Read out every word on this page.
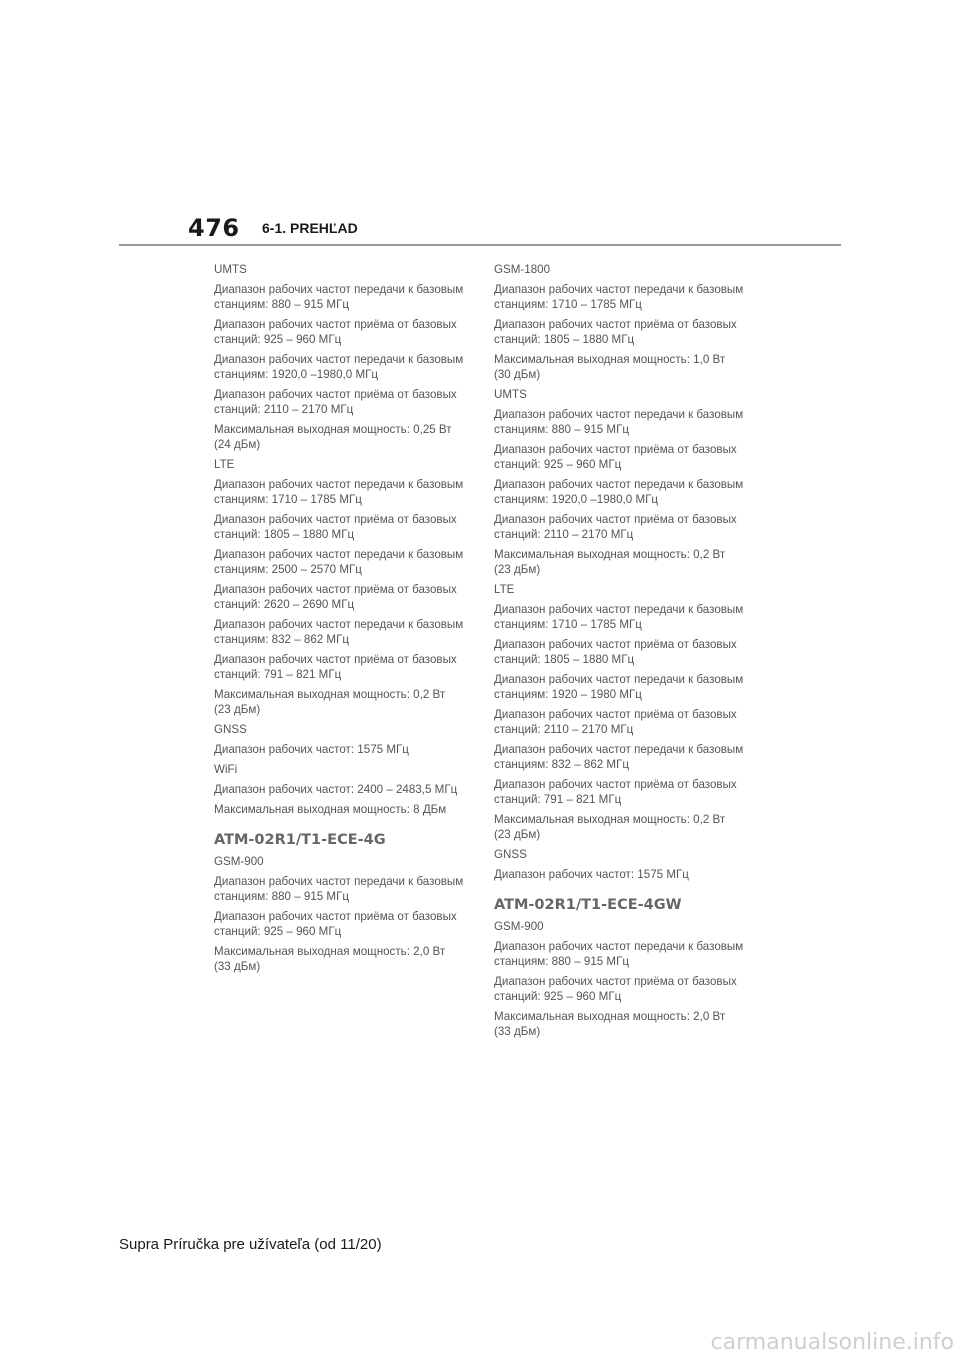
476 6-1. PREHĽAD
UMTS
Диапазон рабочих частот передачи к базовым станциям: 880 – 915 МГц
Диапазон рабочих частот приёма от базовых станций: 925 – 960 МГц
Диапазон рабочих частот передачи к базовым станциям: 1920,0 –1980,0 МГц
Диапазон рабочих частот приёма от базовых станций: 2110 – 2170 МГц
Максимальная выходная мощность: 0,25 Вт (24 дБм)
LTE
Диапазон рабочих частот передачи к базовым станциям: 1710 – 1785 МГц
Диапазон рабочих частот приёма от базовых станций: 1805 – 1880 МГц
Диапазон рабочих частот передачи к базовым станциям: 2500 – 2570 МГц
Диапазон рабочих частот приёма от базовых станций: 2620 – 2690 МГц
Диапазон рабочих частот передачи к базовым станциям: 832 – 862 МГц
Диапазон рабочих частот приёма от базовых станций: 791 – 821 МГц
Максимальная выходная мощность: 0,2 Вт (23 дБм)
GNSS
Диапазон рабочих частот: 1575 МГц
WiFi
Диапазон рабочих частот: 2400 – 2483,5 МГц
Максимальная выходная мощность: 8 ДБм
ATM-02R1/T1-ECE-4G
GSM-900
Диапазон рабочих частот передачи к базовым станциям: 880 – 915 МГц
Диапазон рабочих частот приёма от базовых станций: 925 – 960 МГц
Максимальная выходная мощность: 2,0 Вт (33 дБм)
GSM-1800
Диапазон рабочих частот передачи к базовым станциям: 1710 – 1785 МГц
Диапазон рабочих частот приёма от базовых станций: 1805 – 1880 МГц
Максимальная выходная мощность: 1,0 Вт (30 дБм)
UMTS
Диапазон рабочих частот передачи к базовым станциям: 880 – 915 МГц
Диапазон рабочих частот приёма от базовых станций: 925 – 960 МГц
Диапазон рабочих частот передачи к базовым станциям: 1920,0 –1980,0 МГц
Диапазон рабочих частот приёма от базовых станций: 2110 – 2170 МГц
Максимальная выходная мощность: 0,2 Вт (23 дБм)
LTE
Диапазон рабочих частот передачи к базовым станциям: 1710 – 1785 МГц
Диапазон рабочих частот приёма от базовых станций: 1805 – 1880 МГц
Диапазон рабочих частот передачи к базовым станциям: 1920 – 1980 МГц
Диапазон рабочих частот приёма от базовых станций: 2110 – 2170 МГц
Диапазон рабочих частот передачи к базовым станциям: 832 – 862 МГц
Диапазон рабочих частот приёма от базовых станций: 791 – 821 МГц
Максимальная выходная мощность: 0,2 Вт (23 дБм)
GNSS
Диапазон рабочих частот: 1575 МГц
ATM-02R1/T1-ECE-4GW
GSM-900
Диапазон рабочих частот передачи к базовым станциям: 880 – 915 МГц
Диапазон рабочих частот приёма от базовых станций: 925 – 960 МГц
Максимальная выходная мощность: 2,0 Вт (33 дБм)
Supra Príručka pre užívateľa (od 11/20)
carmanualsonline.info
